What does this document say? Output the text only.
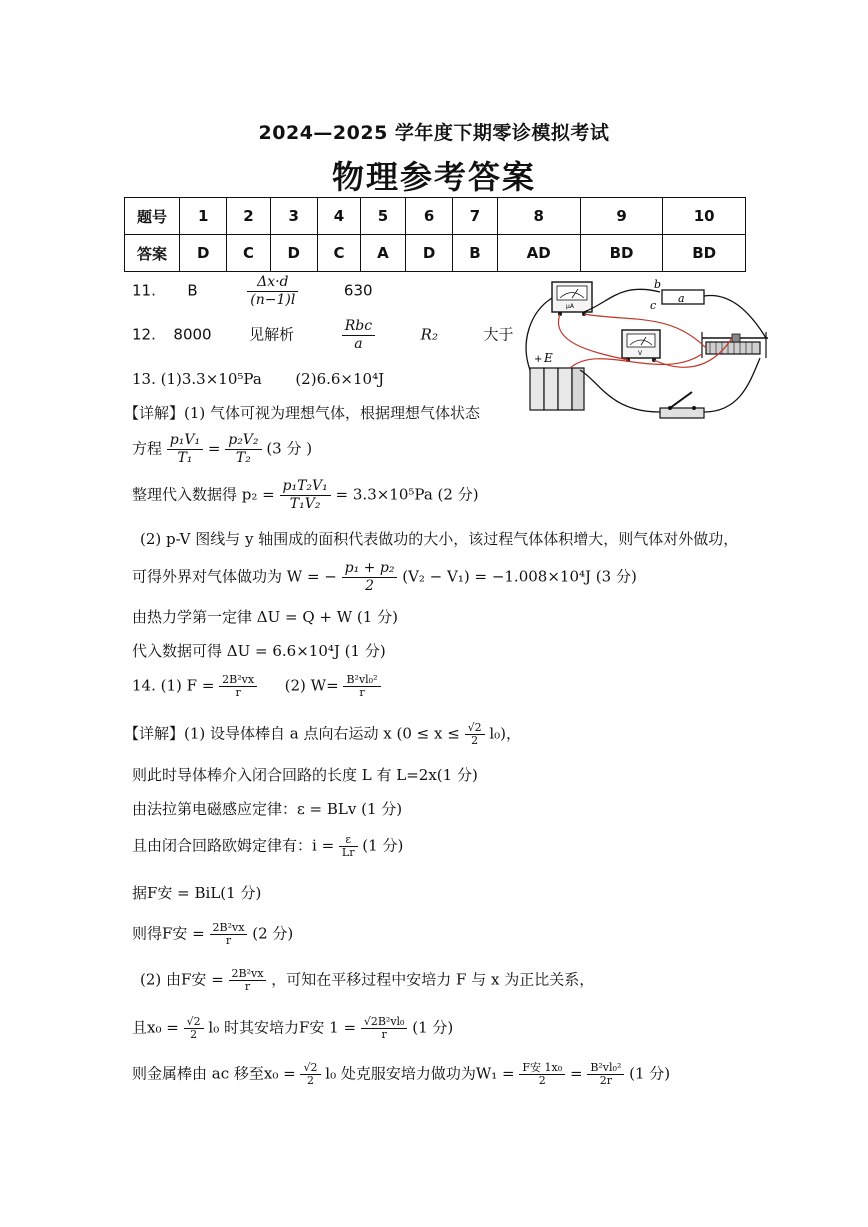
2024—2025 学年度下期零诊模拟考试
物理参考答案
题号	1	2	3	4	5	6	7	8	9	10
答案	D	C	D	C	A	D	B	AD	BD	BD
11. B	$\frac{\Delta x\cdot d}{(n-1)l}$	630
12. 8000	见解析	$\frac{\text{Rbc}}{a}$	R₂	大于
13. (1)3.3×10⁵Pa (2)6.6×10⁴J
【详解】(1) 气体可视为理想气体，根据理想气体状态
方程 $\frac{\text{p₁V₁}}{\text{T₁}} = \frac{\text{p₂V₂}}{\text{T₂}} (3$ 分 )
整理代入数据得 $p_2 = \frac{\text{p₁T₂V₁}}{\text{T₁V₂}} = 3.3\times 10^5Pa$ (2 分)
(2) p-V 图线与 y 轴围成的面积代表做功的大小，该过程气体体积增大，则气体对外做功，
可得外界对气体做功为 W = − $\frac{\text{p₁ + p₂}}{2} (V_2 - V_1) = -1.008\times 10^4J$ (3 分)
由热力学第一定律 ΔU = Q + W (1 分)
代入数据可得 ΔU = 6.6×10⁴J (1 分)
14. (1) $F = \frac{\text{2B²vx}}{r} (2)$ $W= \frac{\text{B²vl₀²}}{r}$
【详解】(1) 设导体棒自 a 点向右运动 x $(0 \le x \le \frac{√2}{2} l_0)$，
则此时导体棒介入闭合回路的长度 L 有 L=2x(1 分)
由法拉第电磁感应定律：ε = BLv (1 分)
且由闭合回路欧姆定律有：$i = \frac{\varepsilon}{Lr} (1$ 分)
据F安 = BiL(1 分)
则得F安 = $\frac{\text{2B²vx}}{r} (2$ 分)
(2) 由F安 = $\frac{\text{2B²vx}}{r}$ ，可知在平移过程中安培力 F 与 x 为正比关系，
且$x_0 = \frac{√2}{2} l_0$ 时其安培力F安 $1 = \frac{\text{√2B²vl₀}}{r} (1$ 分)
则金属棒由 ac 移至$x_0 = \frac{√2}{2} l_0$ 处克服安培力做功为$W_1 = \frac{\text{F安 1x₀}}{2} = \frac{\text{B²vl₀²}}{2r} (1$ 分)
μA
a
b
c
V
+ E
